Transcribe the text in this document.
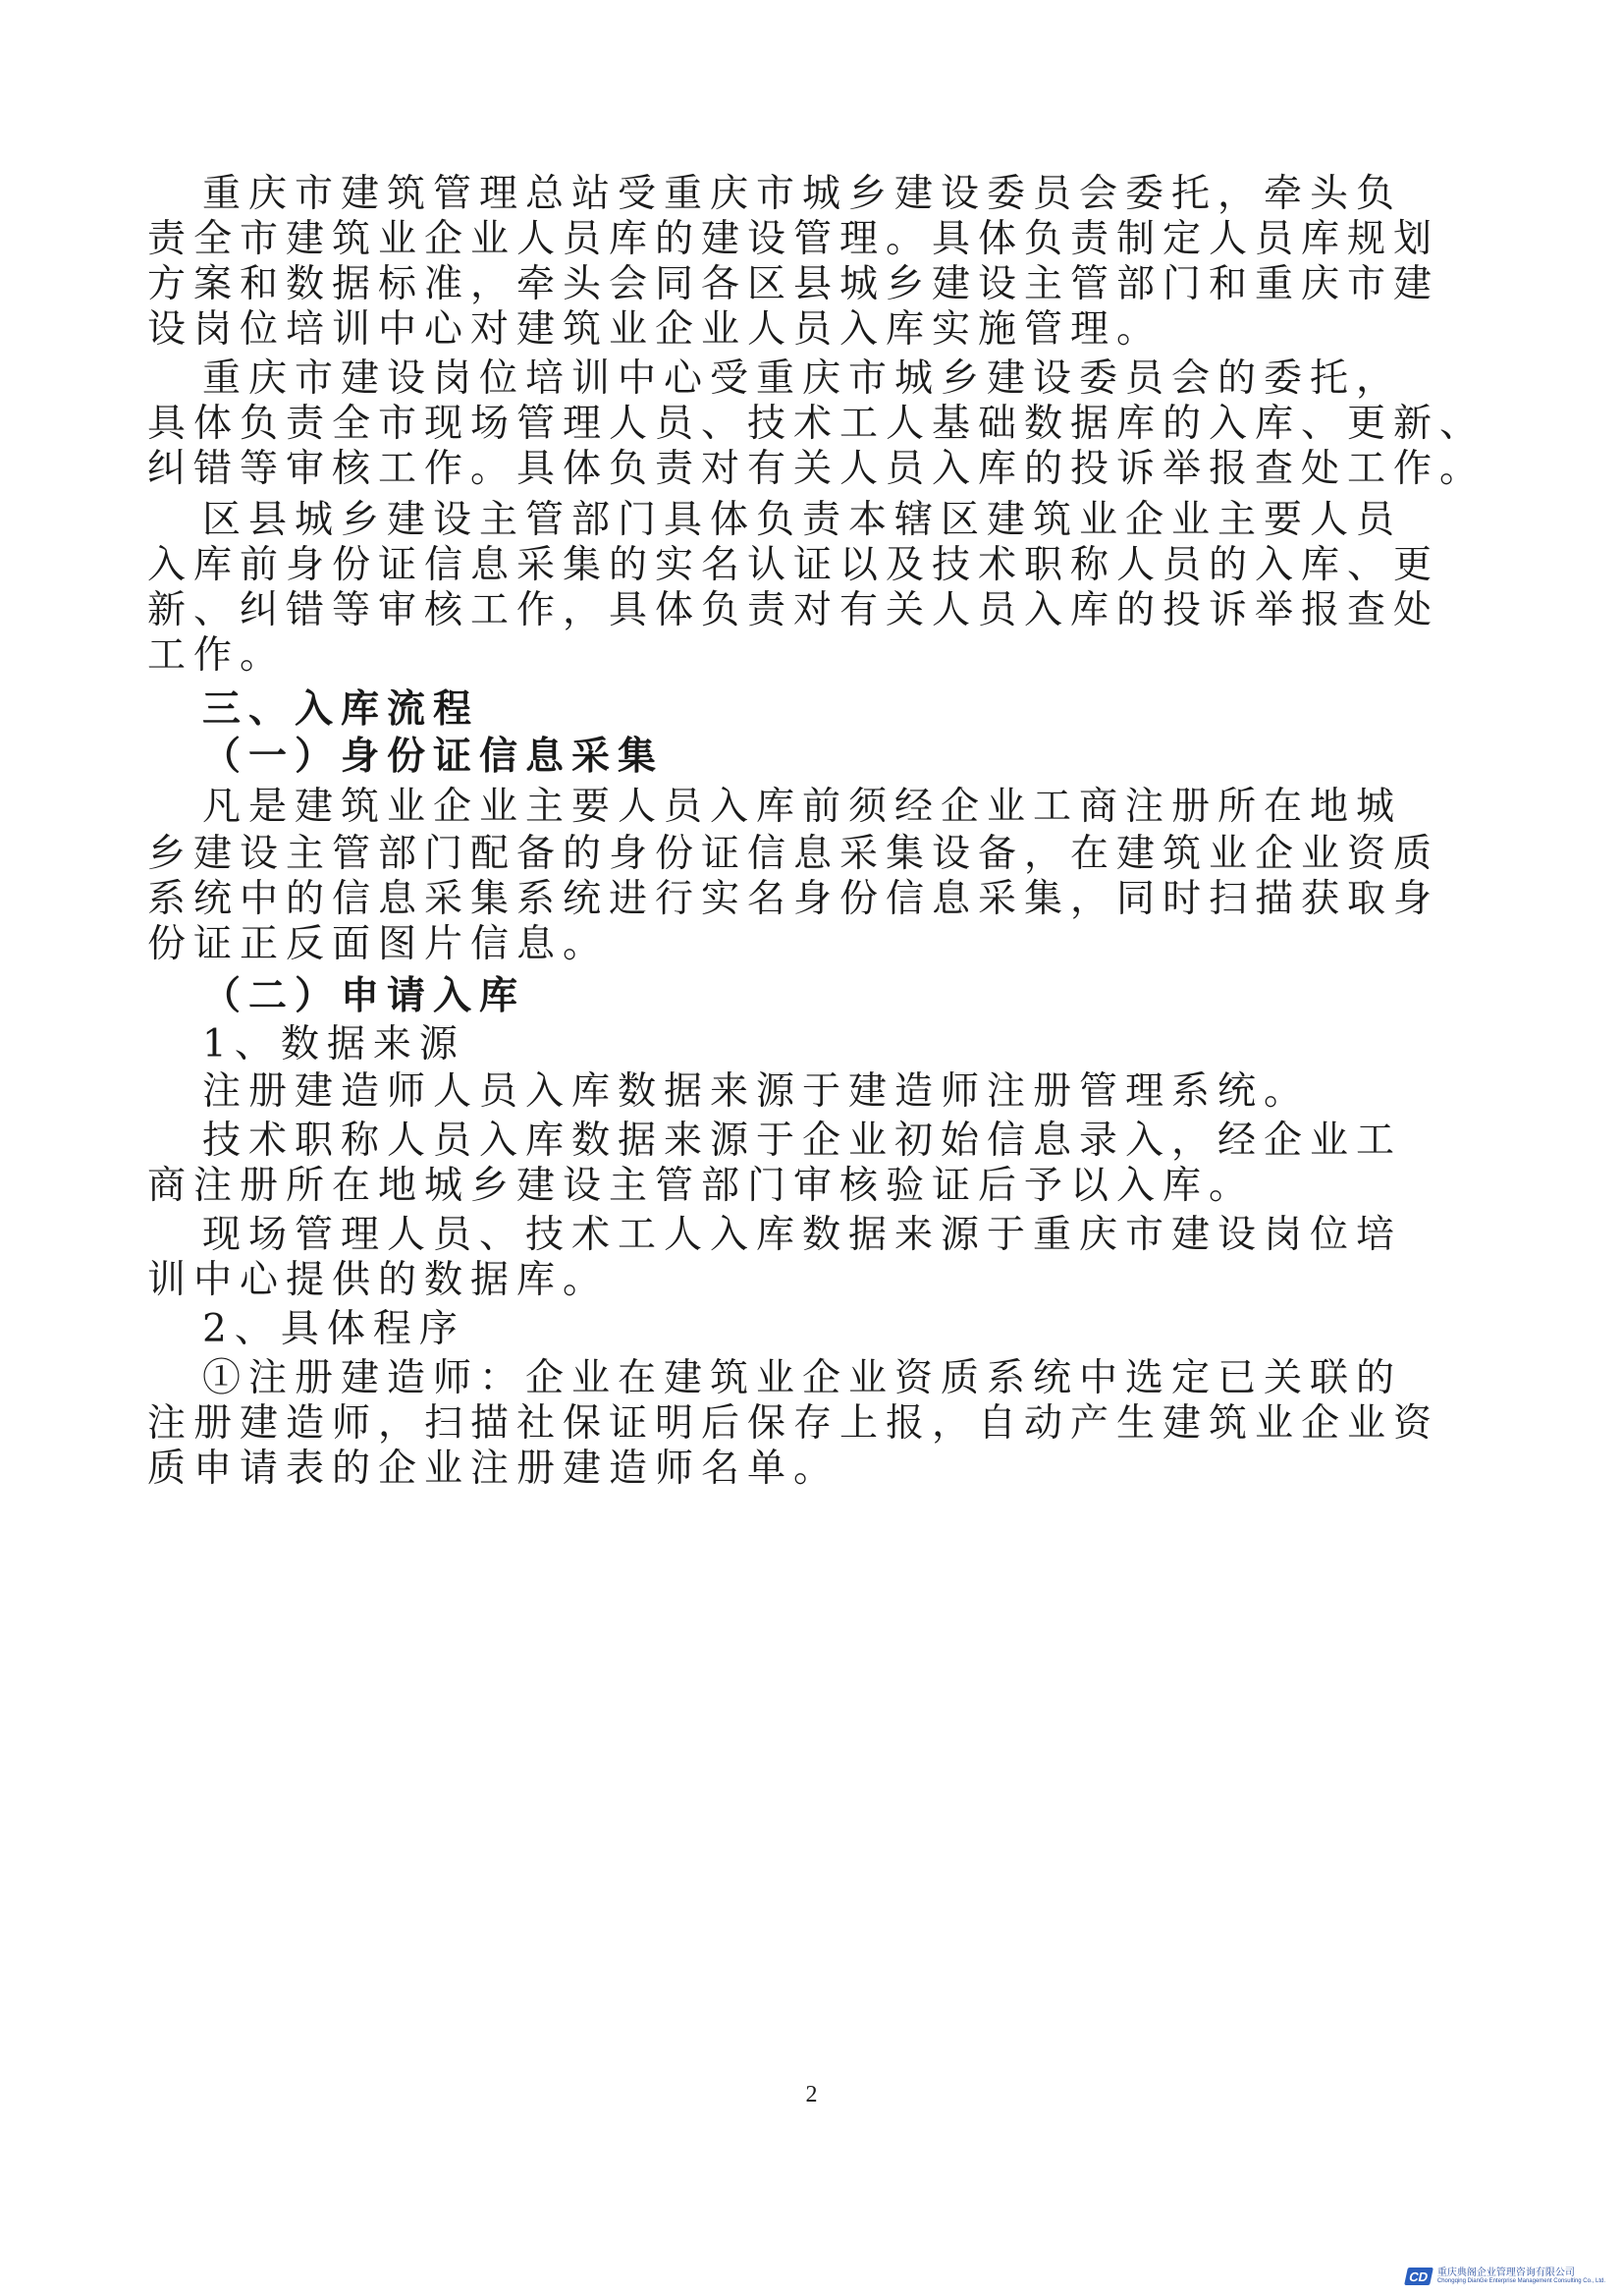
重庆市建筑管理总站受重庆市城乡建设委员会委托，牵头负
责全市建筑业企业人员库的建设管理。具体负责制定人员库规划
方案和数据标准，牵头会同各区县城乡建设主管部门和重庆市建
设岗位培训中心对建筑业企业人员入库实施管理。
重庆市建设岗位培训中心受重庆市城乡建设委员会的委托，
具体负责全市现场管理人员、技术工人基础数据库的入库、更新、
纠错等审核工作。具体负责对有关人员入库的投诉举报查处工作。
区县城乡建设主管部门具体负责本辖区建筑业企业主要人员
入库前身份证信息采集的实名认证以及技术职称人员的入库、更
新、纠错等审核工作，具体负责对有关人员入库的投诉举报查处
工作。
三、入库流程
（一）身份证信息采集
凡是建筑业企业主要人员入库前须经企业工商注册所在地城
乡建设主管部门配备的身份证信息采集设备，在建筑业企业资质
系统中的信息采集系统进行实名身份信息采集，同时扫描获取身
份证正反面图片信息。
（二）申请入库
1、数据来源
注册建造师人员入库数据来源于建造师注册管理系统。
技术职称人员入库数据来源于企业初始信息录入，经企业工
商注册所在地城乡建设主管部门审核验证后予以入库。
现场管理人员、技术工人入库数据来源于重庆市建设岗位培
训中心提供的数据库。
2、具体程序
①注册建造师：企业在建筑业企业资质系统中选定已关联的
注册建造师，扫描社保证明后保存上报，自动产生建筑业企业资
质申请表的企业注册建造师名单。
2
CD 重庆典阁企业管理咨询有限公司
Chongqing DianGe Enterprise Management Consulting Co., Ltd.
